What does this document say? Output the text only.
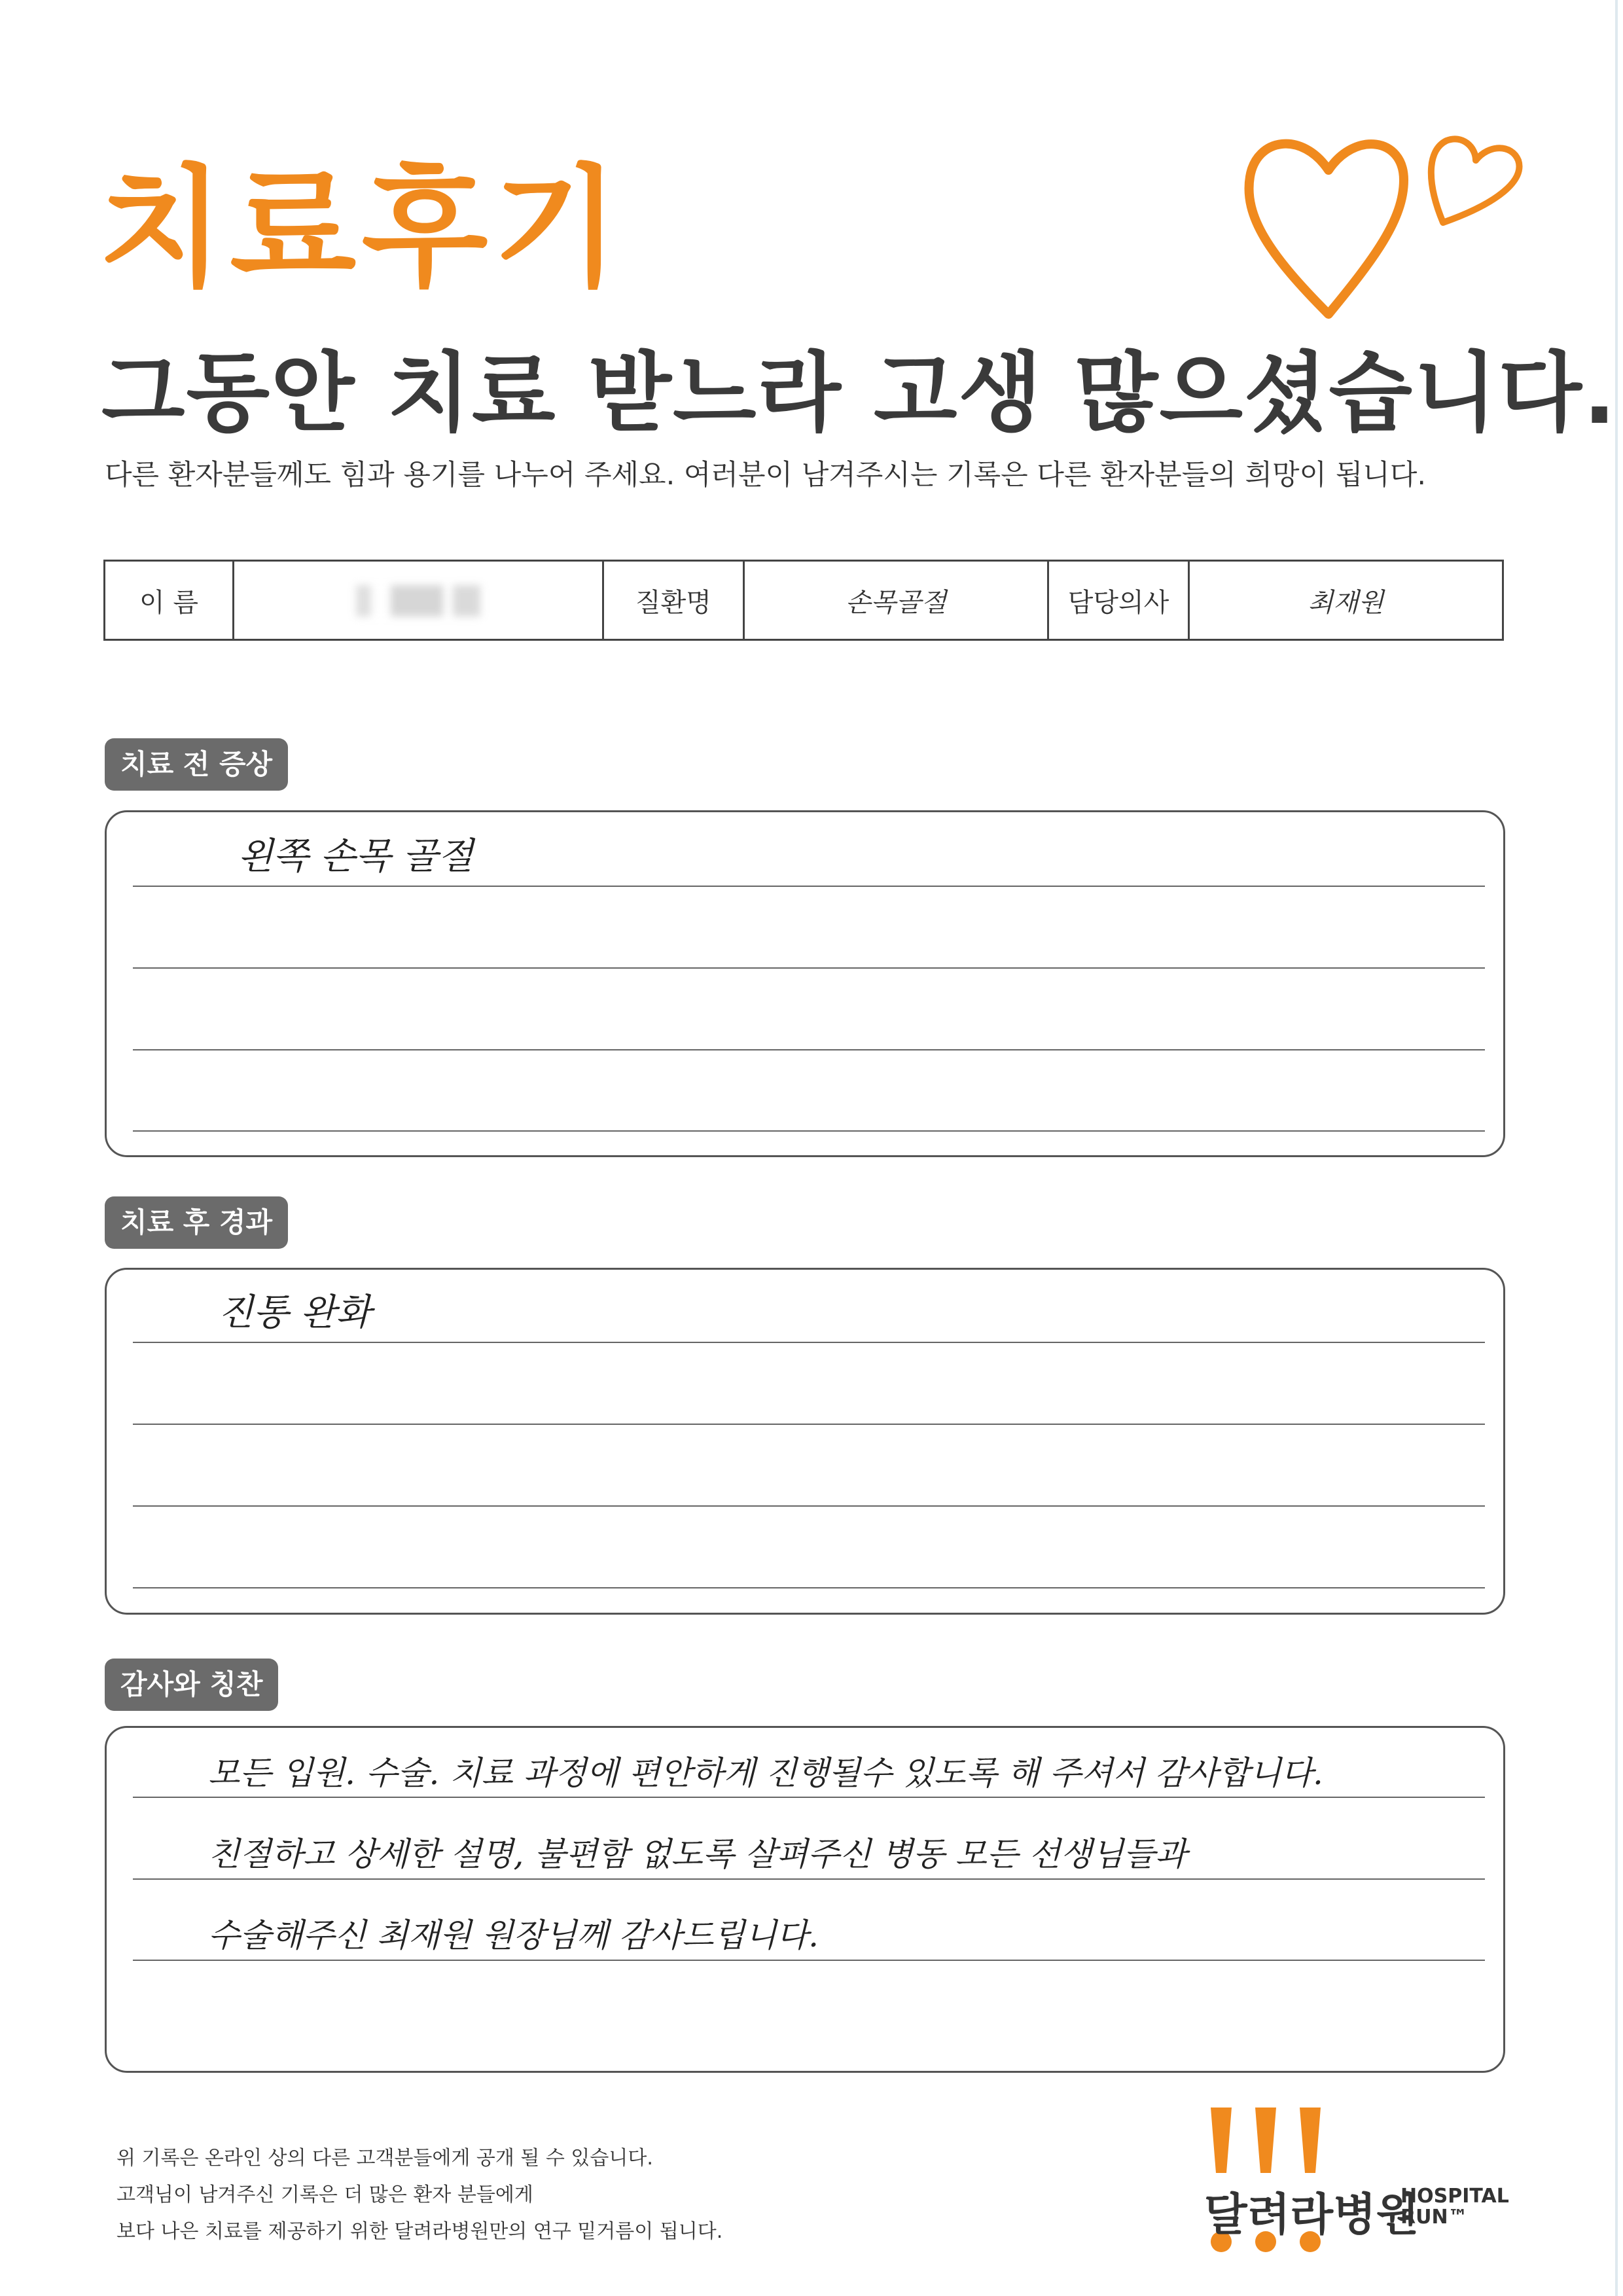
치료후기
그동안 치료 받느라 고생 많으셨습니다.
다른 환자분들께도 힘과 용기를 나누어 주세요. 여러분이 남겨주시는 기록은 다른 환자분들의 희망이 됩니다.
이 름		질환명	손목골절	담당의사	최재원
치료 전 증상
왼쪽 손목 골절
치료 후 경과
진통 완화
감사와 칭찬
모든 입원. 수술. 치료 과정에 편안하게 진행될수 있도록 해 주셔서 감사합니다.
친절하고 상세한 설명, 불편함 없도록 살펴주신 병동 모든 선생님들과
수술해주신 최재원 원장님께 감사드립니다.
위 기록은 온라인 상의 다른 고객분들에게 공개 될 수 있습니다.
고객님이 남겨주신 기록은 더 많은 환자 분들에게
보다 나은 치료를 제공하기 위한 달려라병원만의 연구 밑거름이 됩니다.	달려라병원
HOSPITAL
RUN™
